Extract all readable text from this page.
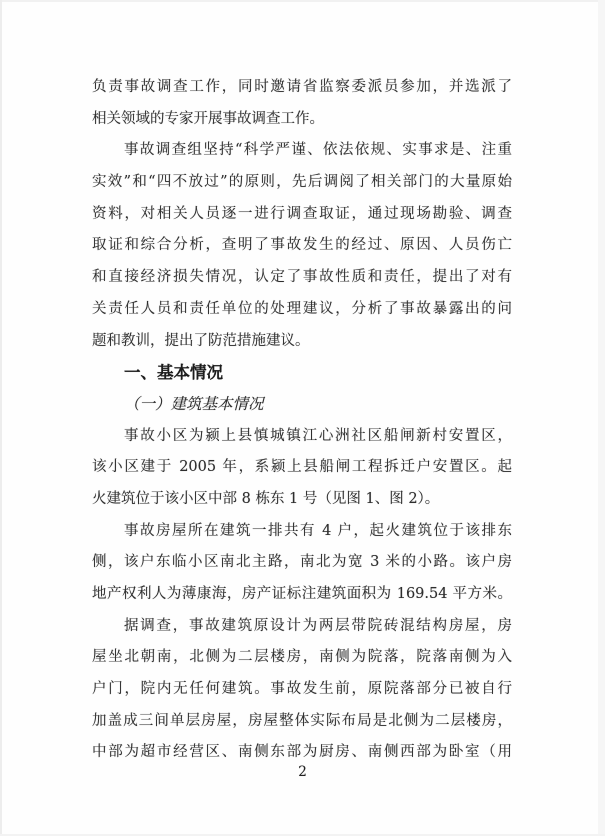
负责事故调查工作，同时邀请省监察委派员参加，并选派了
相关领域的专家开展事故调查工作。
事故调查组坚持“科学严谨、依法依规、实事求是、注重
实效”和“四不放过”的原则，先后调阅了相关部门的大量原始
资料，对相关人员逐一进行调查取证，通过现场勘验、调查
取证和综合分析，查明了事故发生的经过、原因、人员伤亡
和直接经济损失情况，认定了事故性质和责任，提出了对有
关责任人员和责任单位的处理建议，分析了事故暴露出的问
题和教训，提出了防范措施建议。
一、基本情况
（一）建筑基本情况
事故小区为颍上县慎城镇江心洲社区船闸新村安置区，
该小区建于 2005 年，系颍上县船闸工程拆迁户安置区。起
火建筑位于该小区中部 8 栋东 1 号（见图 1、图 2）。
事故房屋所在建筑一排共有 4 户，起火建筑位于该排东
侧，该户东临小区南北主路，南北为宽 3 米的小路。该户房
地产权利人为薄康海，房产证标注建筑面积为 169.54 平方米。
据调查，事故建筑原设计为两层带院砖混结构房屋，房
屋坐北朝南，北侧为二层楼房，南侧为院落，院落南侧为入
户门，院内无任何建筑。事故发生前，原院落部分已被自行
加盖成三间单层房屋，房屋整体实际布局是北侧为二层楼房，
中部为超市经营区、南侧东部为厨房、南侧西部为卧室（用
2
